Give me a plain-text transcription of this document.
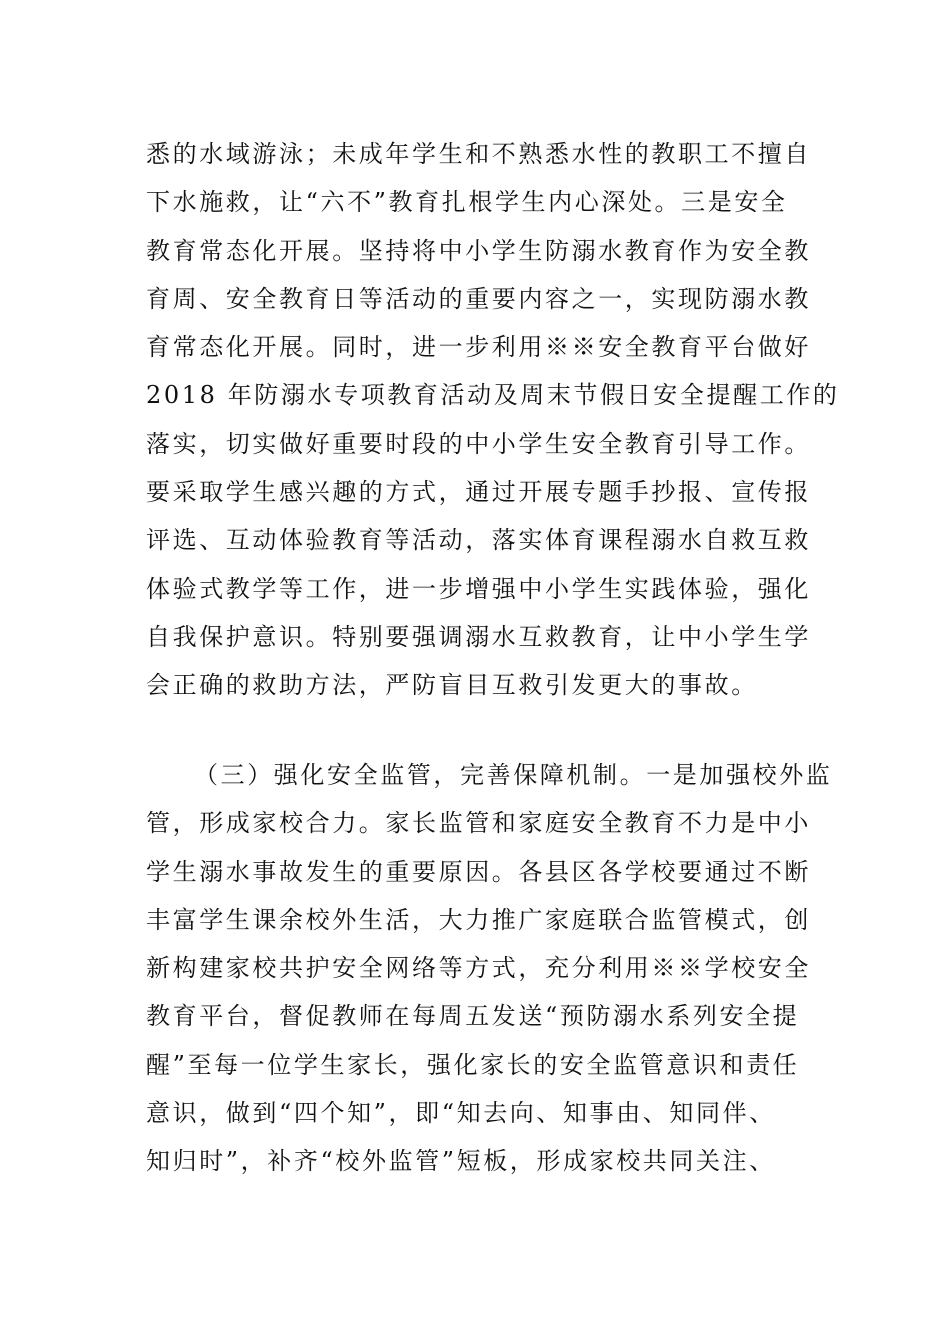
悉的水域游泳；未成年学生和不熟悉水性的教职工不擅自
下水施救，让“六不”教育扎根学生内心深处。三是安全
教育常态化开展。坚持将中小学生防溺水教育作为安全教
育周、安全教育日等活动的重要内容之一，实现防溺水教
育常态化开展。同时，进一步利用※※安全教育平台做好
2018 年防溺水专项教育活动及周末节假日安全提醒工作的
落实，切实做好重要时段的中小学生安全教育引导工作。
要采取学生感兴趣的方式，通过开展专题手抄报、宣传报
评选、互动体验教育等活动，落实体育课程溺水自救互救
体验式教学等工作，进一步增强中小学生实践体验，强化
自我保护意识。特别要强调溺水互救教育，让中小学生学
会正确的救助方法，严防盲目互救引发更大的事故。
（三）强化安全监管，完善保障机制。一是加强校外监
管，形成家校合力。家长监管和家庭安全教育不力是中小
学生溺水事故发生的重要原因。各县区各学校要通过不断
丰富学生课余校外生活，大力推广家庭联合监管模式，创
新构建家校共护安全网络等方式，充分利用※※学校安全
教育平台，督促教师在每周五发送“预防溺水系列安全提
醒”至每一位学生家长，强化家长的安全监管意识和责任
意识，做到“四个知”，即“知去向、知事由、知同伴、
知归时”，补齐“校外监管”短板，形成家校共同关注、
